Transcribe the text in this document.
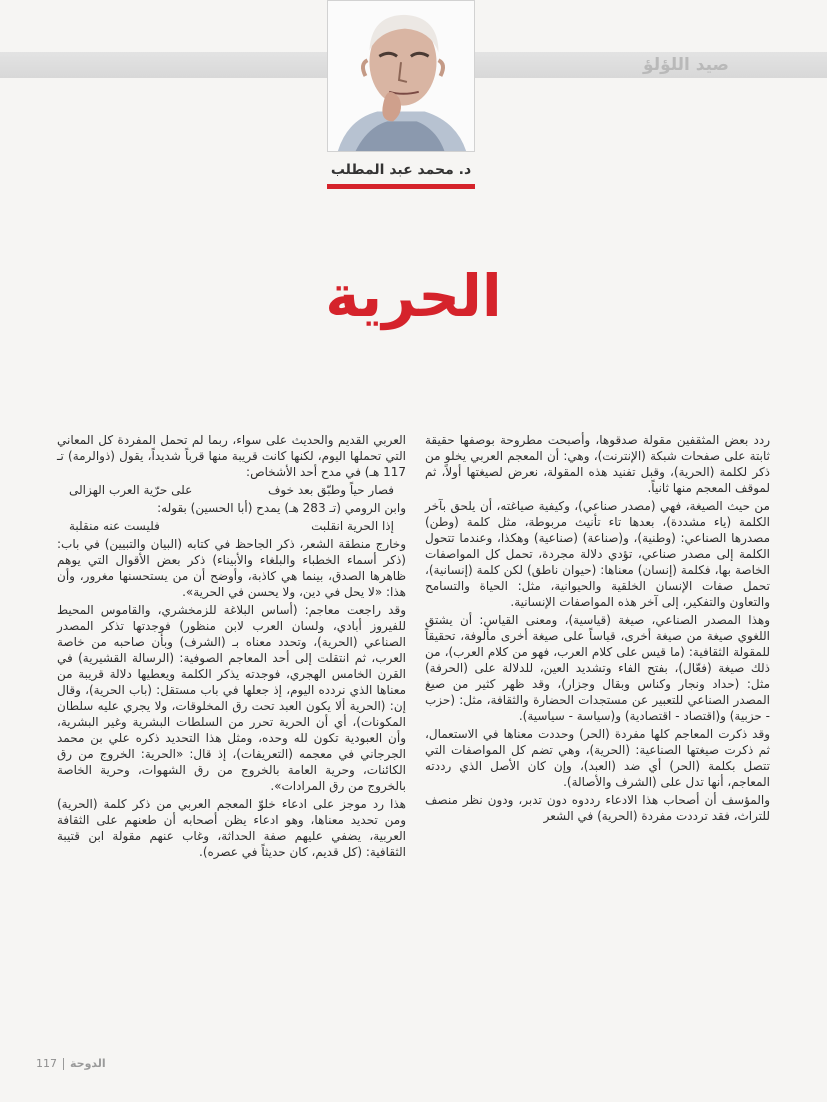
صيد اللؤلؤ
د. محمد عبد المطلب
الحرية

ردد بعض المثقفين مقولة صدقوها، وأصبحت مطروحة بوصفها حقيقة ثابتة على صفحات شبكة (الإنترنت)، وهي: أن المعجم العربي يخلو من ذكر لكلمة (الحرية)، وقبل تفنيد هذه المقولة، نعرض لصيغتها أولاً، ثم لموقف المعجم منها ثانياً.

من حيث الصيغة، فهي (مصدر صناعي)، وكيفية صياغته، أن يلحق بآخر الكلمة (ياء مشددة)، بعدها تاء تأنيث مربوطة، مثل كلمة (وطن) مصدرها الصناعي: (وطنية)، و(صناعة) (صناعية) وهكذا، وعندما تتحول الكلمة إلى مصدر صناعي، تؤدي دلالة مجردة، تحمل كل المواصفات الخاصة بها، فكلمة (إنسان) معناها: (حيوان ناطق) لكن كلمة (إنسانية)، تحمل صفات الإنسان الخلقية والحيوانية، مثل: الحياة والتسامح والتعاون والتفكير، إلى آخر هذه المواصفات الإنسانية.

وهذا المصدر الصناعي، صيغة (قياسية)، ومعنى القياس: أن يشتق اللغوي صيغة من صيغة أخرى، قياساً على صيغة أخرى مألوفة، تحقيقاً للمقولة الثقافية: (ما قيس على كلام العرب، فهو من كلام العرب)، من ذلك صيغة (فعّال)، بفتح الفاء وتشديد العين، للدلالة على (الحرفة) مثل: (حداد ونجار وكناس وبقال وجزار)، وقد ظهر كثير من صيغ المصدر الصناعي للتعبير عن مستجدات الحضارة والثقافة، مثل: (حزب - حزبية) و(اقتصاد - اقتصادية) و(سياسة - سياسية).

وقد ذكرت المعاجم كلها مفردة (الحر) وحددت معناها في الاستعمال، ثم ذكرت صيغتها الصناعية: (الحرية)، وهي تضم كل المواصفات التي تتصل بكلمة (الحر) أي ضد (العبد)، وإن كان الأصل الذي رددته المعاجم، أنها تدل على (الشرف والأصالة).

والمؤسف أن أصحاب هذا الادعاء رددوه دون تدبر، ودون نظر منصف للتراث، فقد ترددت مفردة (الحرية) في الشعر

العربي القديم والحديث على سواء، ربما لم تحمل المفردة كل المعاني التي تحملها اليوم، لكنها كانت قريبة منها قرباً شديداً، يقول (ذوالرمة) تـ 117 هـ) في مدح أحد الأشخاص:

فصار حياً وطبّق بعد خوف
على حرّية العرب الهزالى

وابن الرومي (تـ 283 هـ) يمدح (أبا الحسين) بقوله:

إذا الحرية انقلبت
فليست عنه منقلبة

وخارج منطقة الشعر، ذكر الجاحظ في كتابه (البيان والتبيين) في باب: (ذكر أسماء الخطباء والبلغاء والأبيناء) ذكر بعض الأقوال التي يوهم ظاهرها الصدق، بينما هي كاذبة، وأوضح أن من يستحسنها مغرور، وأن هذا: «لا يحل في دين، ولا يحسن في الحرية».

وقد راجعت معاجم: (أساس البلاغة للزمخشري، والقاموس المحيط للفيروز أبادي، ولسان العرب لابن منظور) فوجدتها تذكر المصدر الصناعي (الحرية)، وتحدد معناه بـ (الشرف) وبأن صاحبه من خاصة العرب، ثم انتقلت إلى أحد المعاجم الصوفية: (الرسالة القشيرية) في القرن الخامس الهجري، فوجدته يذكر الكلمة ويعطيها دلالة قريبة من معناها الذي نردده اليوم، إذ جعلها في باب مستقل: (باب الحرية)، وقال إن: (الحرية ألا يكون العبد تحت رق المخلوقات، ولا يجري عليه سلطان المكونات)، أي أن الحرية تحرر من السلطات البشرية وغير البشرية، وأن العبودية تكون لله وحده، ومثل هذا التحديد ذكره علي بن محمد الجرجاني في معجمه (التعريفات)، إذ قال: «الحرية: الخروج من رق الكائنات، وحرية العامة بالخروج من رق الشهوات، وحرية الخاصة بالخروج من رق المرادات».

هذا رد موجز على ادعاء خلوّ المعجم العربي من ذكر كلمة (الحرية) ومن تحديد معناها، وهو ادعاء يظن أصحابه أن طعنهم على الثقافة العربية، يضفي عليهم صفة الحداثة، وغاب عنهم مقولة ابن قتيبة الثقافية: (كل قديم، كان حديثاً في عصره).

117 الدوحة
